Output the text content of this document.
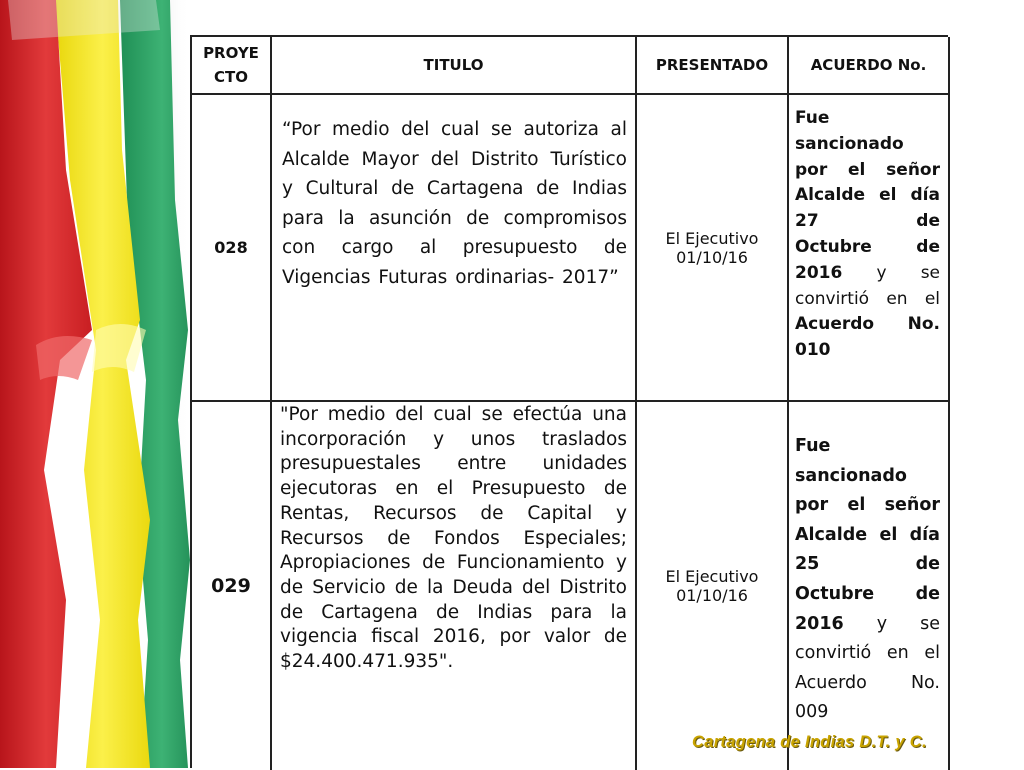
PROYE CTO
TITULO	PRESENTADO	ACUERDO No.
028
“Por medio del cual se autoriza al Alcalde Mayor del Distrito Turístico y Cultural de Cartagena de Indias para la asunción de compromisos con cargo al presupuesto de Vigencias Futuras ordinarias- 2017”
El Ejecutivo
01/10/16
Fue
sancionado
por el señor
Alcalde el día
27 de
Octubre de
2016 y se
convirtió en el
Acuerdo No.
010
029
"Por medio del cual se efectúa una incorporación y unos traslados presupuestales entre unidades ejecutoras en el Presupuesto de Rentas, Recursos de Capital y Recursos de Fondos Especiales; Apropiaciones de Funcionamiento y de Servicio de la Deuda del Distrito de Cartagena de Indias para la vigencia fiscal 2016, por valor de $24.400.471.935".
El Ejecutivo
01/10/16
Fue
sancionado
por el señor
Alcalde el día
25 de
Octubre de
2016 y se
convirtió en el
Acuerdo No.
009
Cartagena de Indias D.T. y C.
